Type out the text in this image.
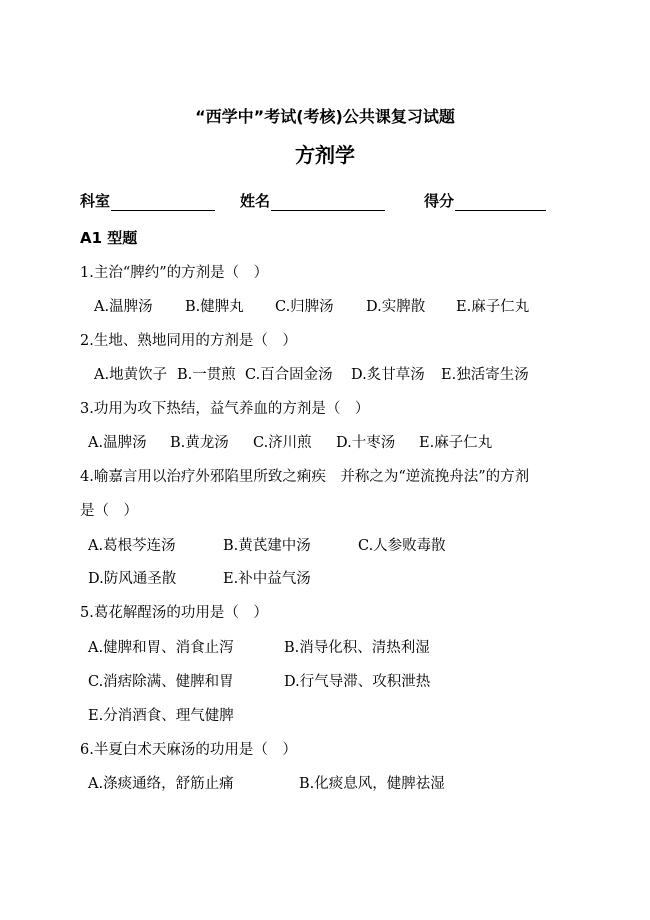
“西学中”考试(考核)公共课复习试题
方剂学
科室	姓名	得分
A1 型题
1.主治“脾约”的方剂是（　）
A.温脾汤 B.健脾丸 C.归脾汤 D.实脾散 E.麻子仁丸
2.生地、熟地同用的方剂是（　）
A.地黄饮子 B.一贯煎 C.百合固金汤 D.炙甘草汤 E.独活寄生汤
3.功用为攻下热结，益气养血的方剂是（　）
A.温脾汤 B.黄龙汤 C.济川煎 D.十枣汤 E.麻子仁丸
4.喻嘉言用以治疗外邪陷里所致之痢疾　并称之为“逆流挽舟法”的方剂
是（　）
A.葛根芩连汤	B.黄芪建中汤	C.人参败毒散
D.防风通圣散	E.补中益气汤
5.葛花解酲汤的功用是（　）
A.健脾和胃、消食止泻	B.消导化积、清热利湿
C.消痞除满、健脾和胃	D.行气导滞、攻积泄热
E.分消酒食、理气健脾
6.半夏白术天麻汤的功用是（　）
A.涤痰通络，舒筋止痛	B.化痰息风，健脾祛湿
